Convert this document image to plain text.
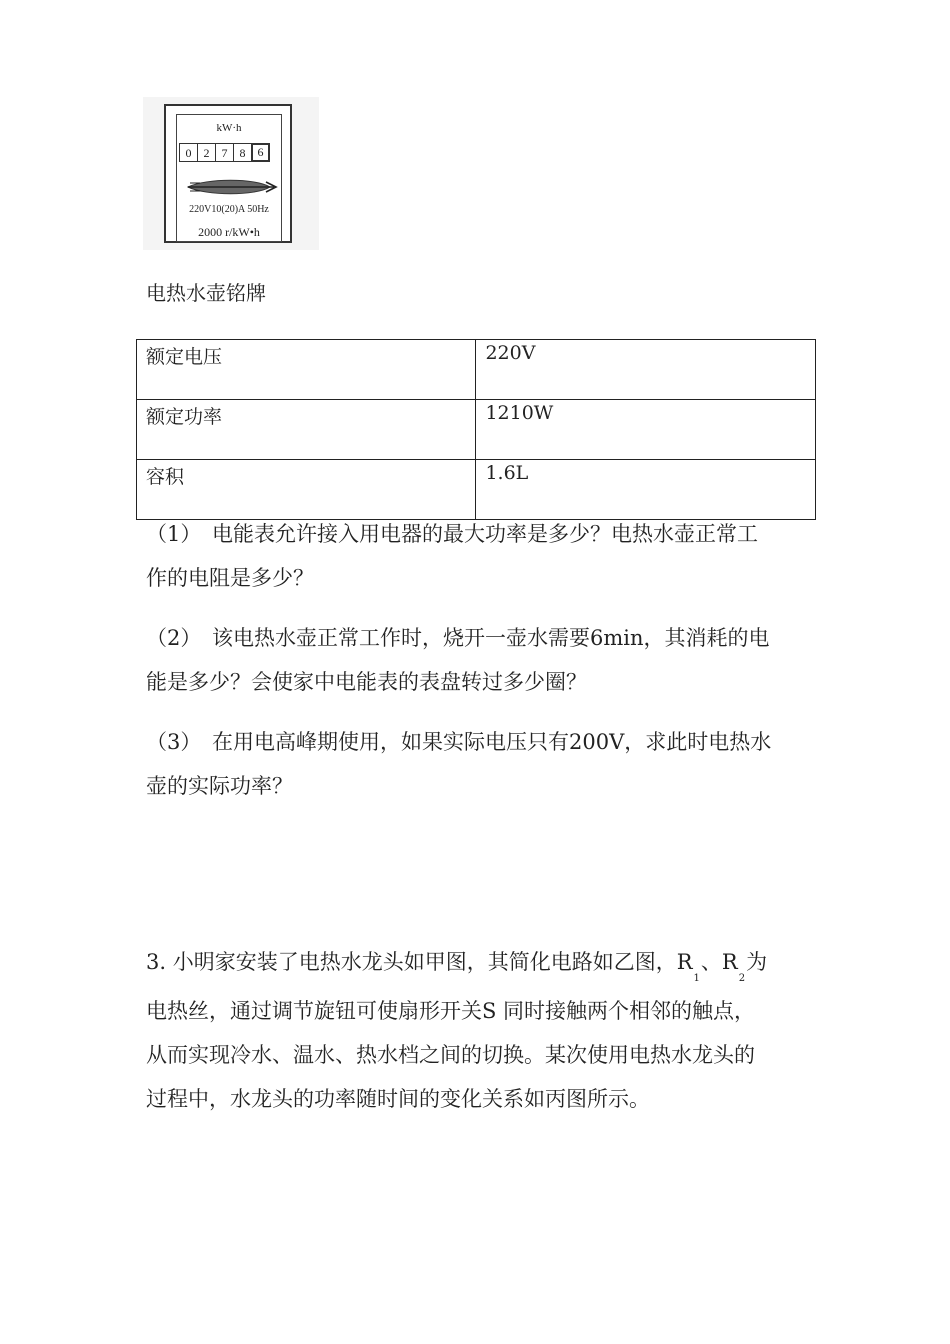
kW·h
0	2	7	8	6
220V10(20)A 50Hz
2000 r/kW•h
电热水壶铭牌
额定电压	220V
额定功率	1210W
容积	1.6L
（1） 电能表允许接入用电器的最大功率是多少？电热水壶正常工
作的电阻是多少？
（2） 该电热水壶正常工作时，烧开一壶水需要6min，其消耗的电
能是多少？会使家中电能表的表盘转过多少圈？
（3） 在用电高峰期使用，如果实际电压只有200V，求此时电热水
壶的实际功率？
3. 小明家安装了电热水龙头如甲图，其简化电路如乙图，$R_1$、$R_2$为
电热丝，通过调节旋钮可使扇形开关S 同时接触两个相邻的触点，
从而实现冷水、温水、热水档之间的切换。某次使用电热水龙头的
过程中，水龙头的功率随时间的变化关系如丙图所示。
